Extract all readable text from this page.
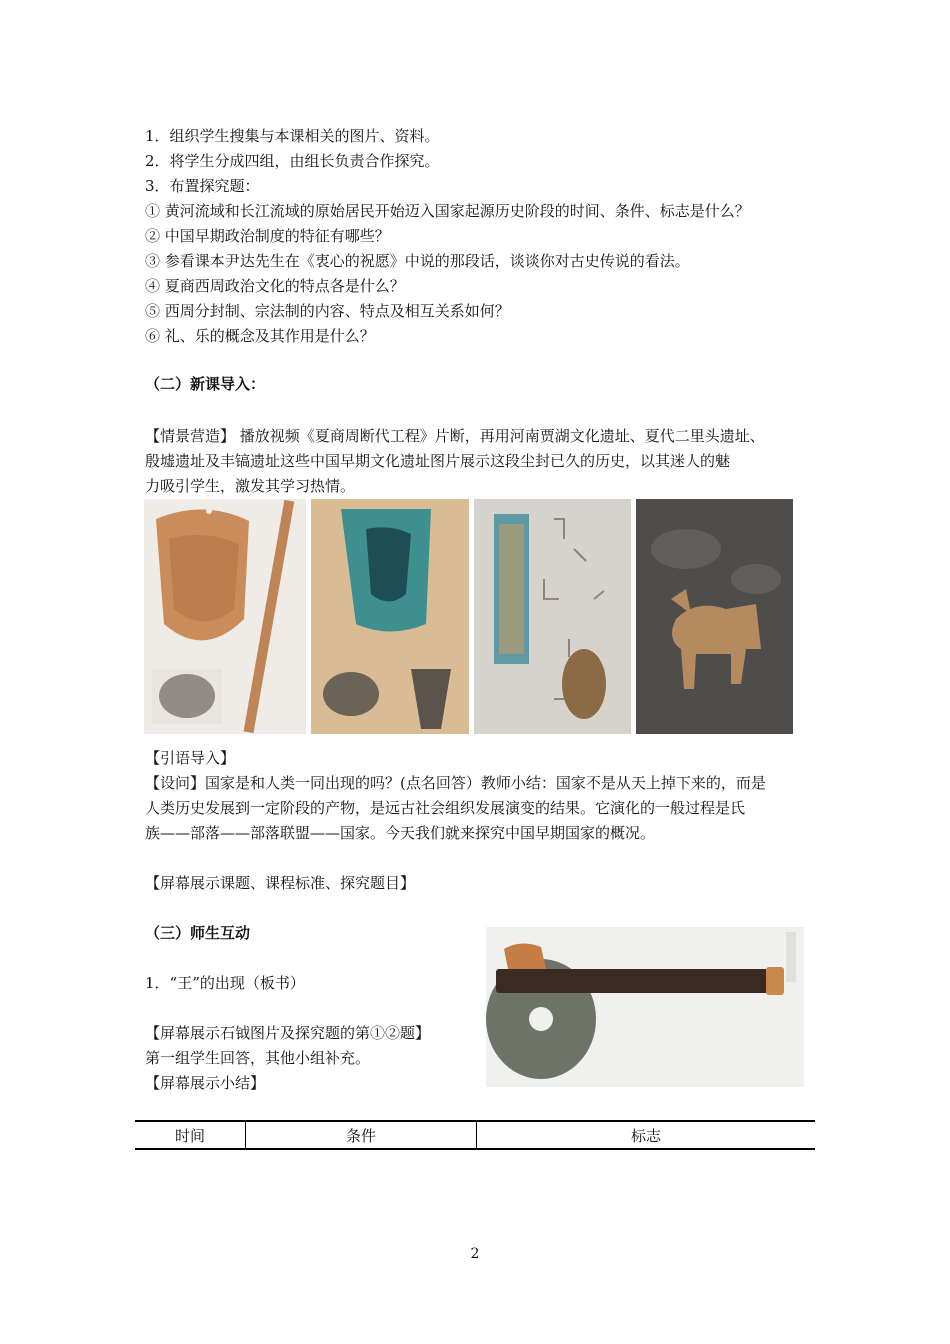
1．组织学生搜集与本课相关的图片、资料。
2．将学生分成四组，由组长负责合作探究。
3．布置探究题：
① 黄河流域和长江流域的原始居民开始迈入国家起源历史阶段的时间、条件、标志是什么？
② 中国早期政治制度的特征有哪些？
③ 参看课本尹达先生在《衷心的祝愿》中说的那段话，谈谈你对古史传说的看法。
④ 夏商西周政治文化的特点各是什么？
⑤ 西周分封制、宗法制的内容、特点及相互关系如何？
⑥ 礼、乐的概念及其作用是什么？
（二）新课导入：
【情景营造】 播放视频《夏商周断代工程》片断，再用河南贾湖文化遗址、夏代二里头遗址、
殷墟遗址及丰镐遗址这些中国早期文化遗址图片展示这段尘封已久的历史，以其迷人的魅
力吸引学生，激发其学习热情。
【引语导入】
【设问】国家是和人类一同出现的吗？(点名回答）教师小结：国家不是从天上掉下来的，而是
人类历史发展到一定阶段的产物，是远古社会组织发展演变的结果。它演化的一般过程是氏
族——部落——部落联盟——国家。今天我们就来探究中国早期国家的概况。
【屏幕展示课题、课程标准、探究题目】
（三）师生互动
1．“王”的出现（板书）
【屏幕展示石钺图片及探究题的第①②题】
第一组学生回答，其他小组补充。
【屏幕展示小结】
时间	条件	标志
2
